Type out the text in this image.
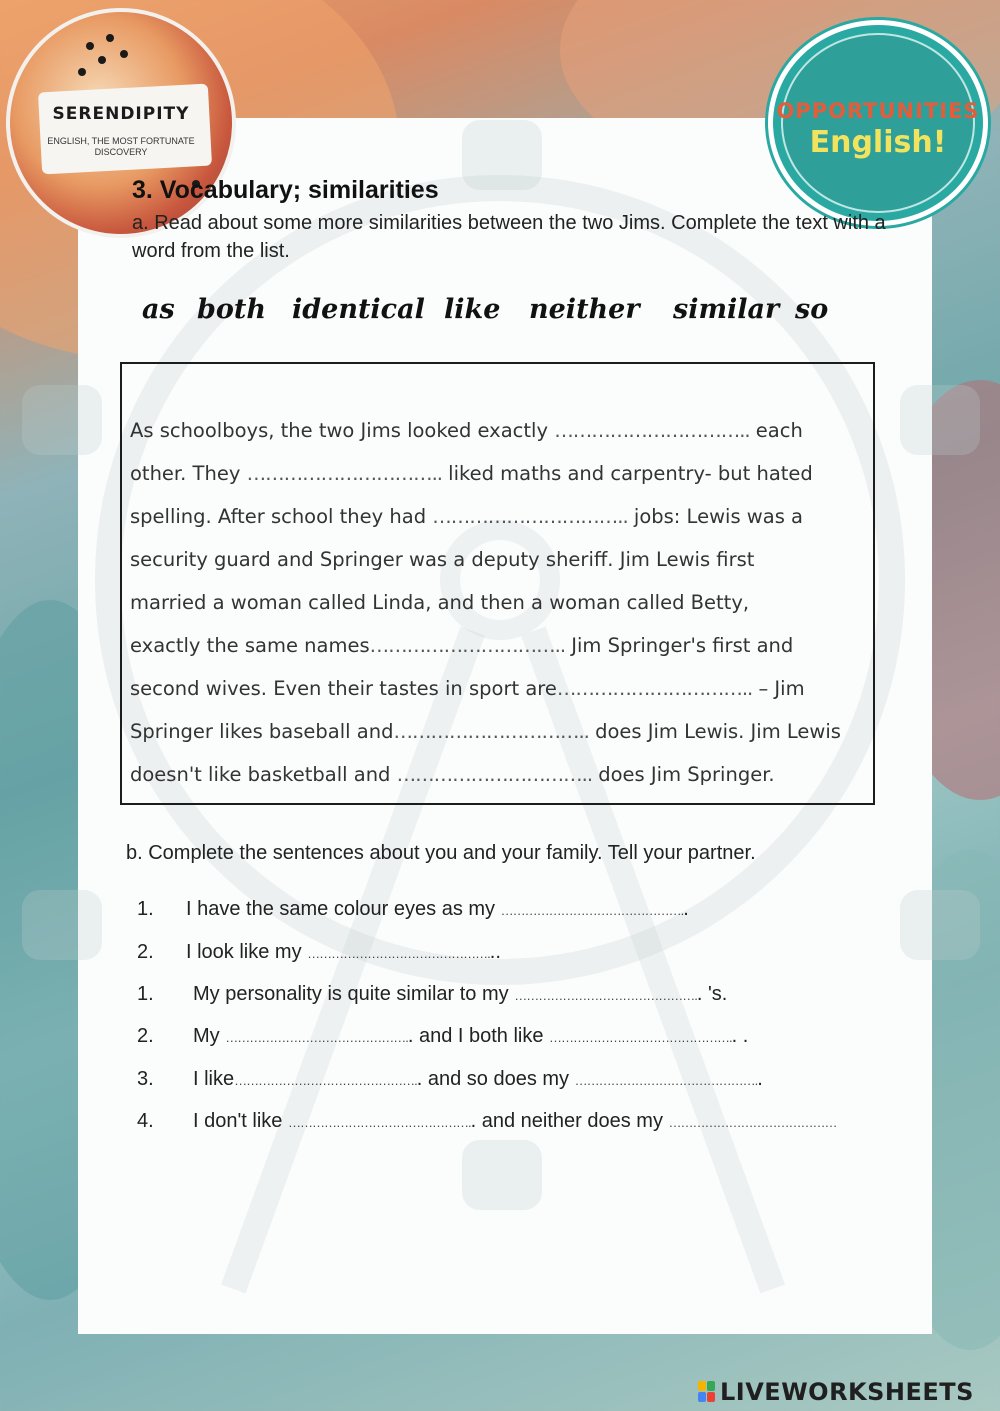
SERENDIPITY
ENGLISH, THE MOST FORTUNATE DISCOVERY
OPPORTUNITIES
English!
3. Vocabulary; similarities
a. Read about some more similarities between the two Jims. Complete the text with a word from the list.
as both identical like neither similar so
As schoolboys, the two Jims looked exactly ………………………….. each
other. They ………………………….. liked maths and carpentry- but hated
spelling. After school they had ………………………….. jobs: Lewis was a
security guard and Springer was a deputy sheriff. Jim Lewis first
married a woman called Linda, and then a woman called Betty,
exactly the same names………………………….. Jim Springer's first and
second wives. Even their tastes in sport are………………………….. – Jim
Springer likes baseball and………………………….. does Jim Lewis. Jim Lewis
doesn't like basketball and ………………………….. does Jim Springer.
b. Complete the sentences about you and your family. Tell your partner.
1. I have the same colour eyes as my ………………………………………..
2. I look like my ………………………………………...
1. My personality is quite similar to my ……………………………………….. 's.
2. My ……………………………………….. and I both like ……………………………………….. .
3. I like……………………………………….. and so does my ………………………………………..
4. I don't like ……………………………………….. and neither does my ……………………………………
LIVEWORKSHEETS
